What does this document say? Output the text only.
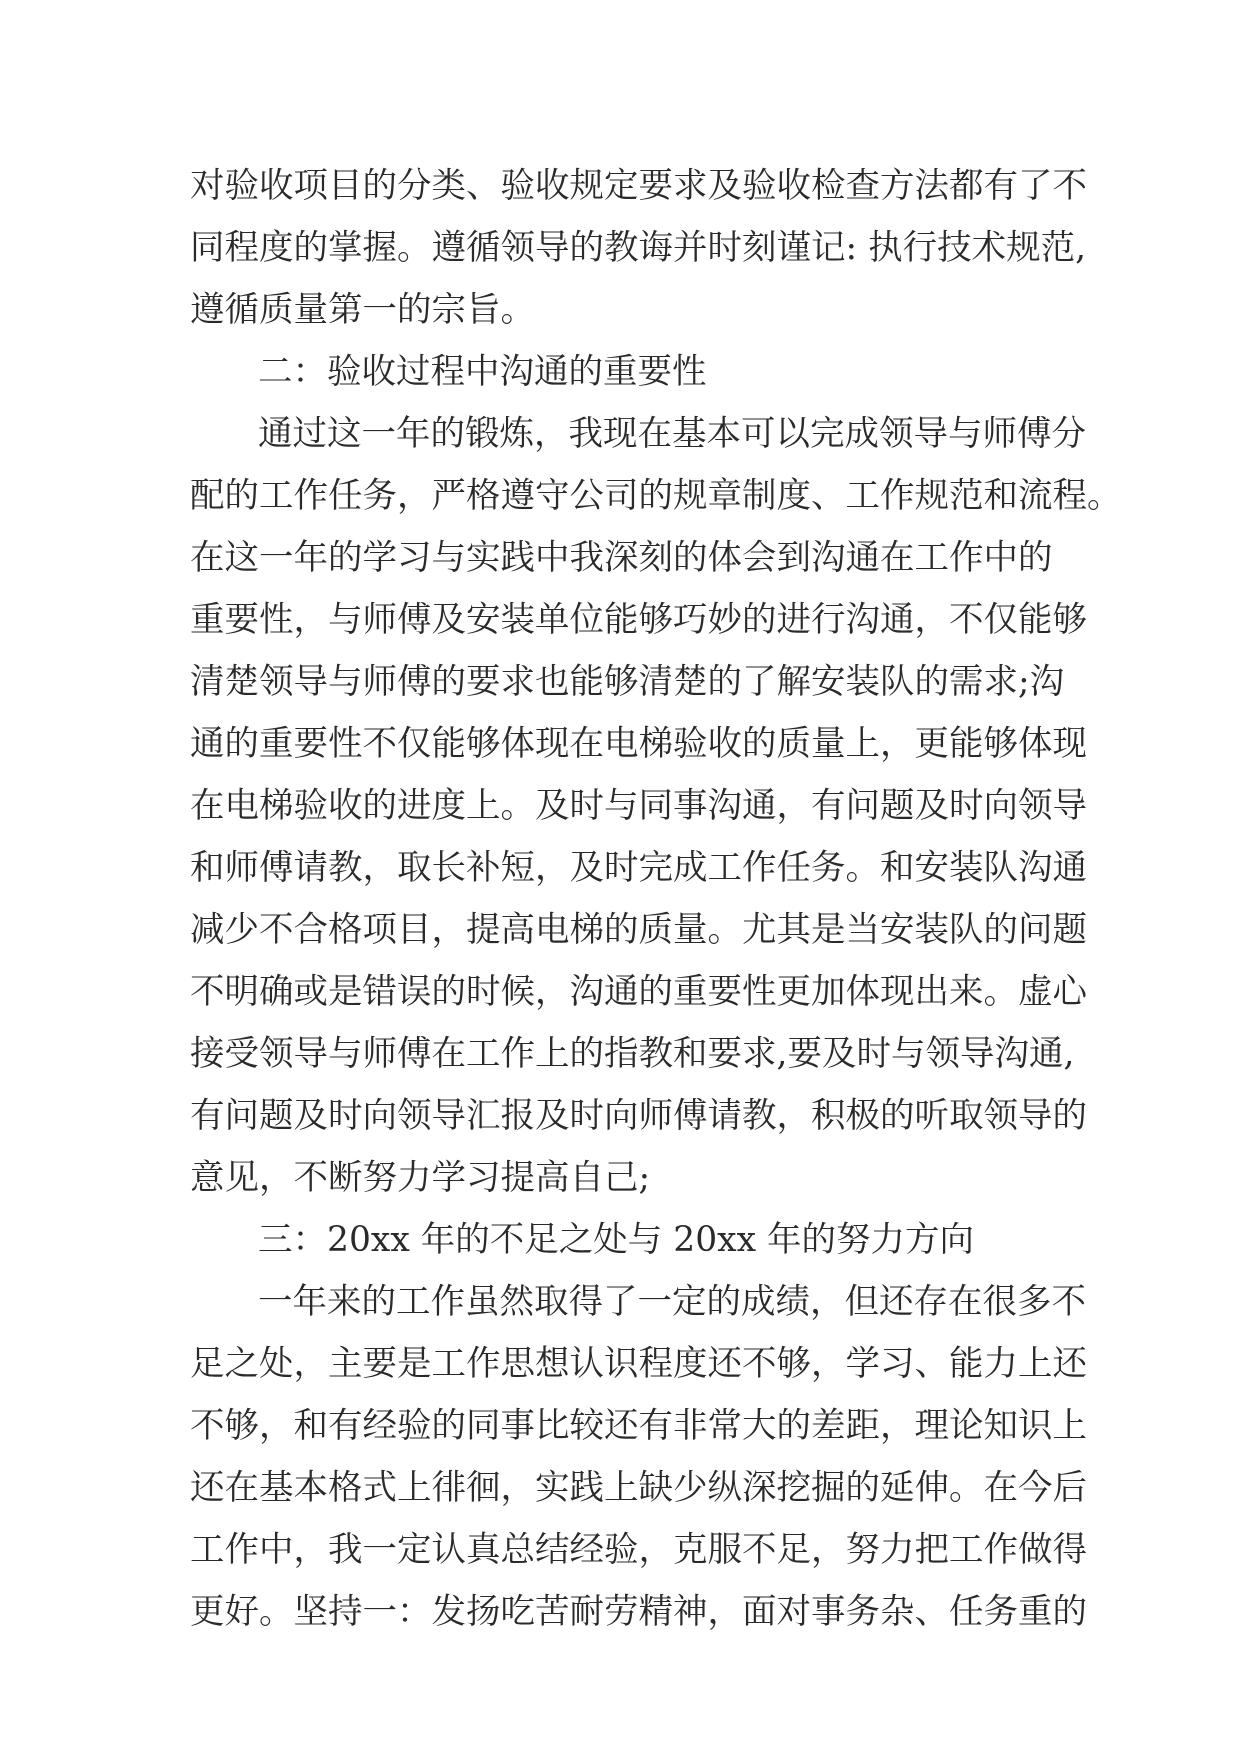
对验收项目的分类、验收规定要求及验收检查方法都有了不
同程度的掌握。遵循领导的教诲并时刻谨记: 执行技术规范,
遵循质量第一的宗旨。
二：验收过程中沟通的重要性
通过这一年的锻炼，我现在基本可以完成领导与师傅分
配的工作任务，严格遵守公司的规章制度、工作规范和流程。
在这一年的学习与实践中我深刻的体会到沟通在工作中的
重要性，与师傅及安装单位能够巧妙的进行沟通，不仅能够
清楚领导与师傅的要求也能够清楚的了解安装队的需求;沟
通的重要性不仅能够体现在电梯验收的质量上，更能够体现
在电梯验收的进度上。及时与同事沟通，有问题及时向领导
和师傅请教，取长补短，及时完成工作任务。和安装队沟通
减少不合格项目，提高电梯的质量。尤其是当安装队的问题
不明确或是错误的时候，沟通的重要性更加体现出来。虚心
接受领导与师傅在工作上的指教和要求,要及时与领导沟通,
有问题及时向领导汇报及时向师傅请教，积极的听取领导的
意见，不断努力学习提高自己;
三：20xx 年的不足之处与 20xx 年的努力方向
一年来的工作虽然取得了一定的成绩，但还存在很多不
足之处，主要是工作思想认识程度还不够，学习、能力上还
不够，和有经验的同事比较还有非常大的差距，理论知识上
还在基本格式上徘徊，实践上缺少纵深挖掘的延伸。在今后
工作中，我一定认真总结经验，克服不足，努力把工作做得
更好。坚持一：发扬吃苦耐劳精神，面对事务杂、任务重的
